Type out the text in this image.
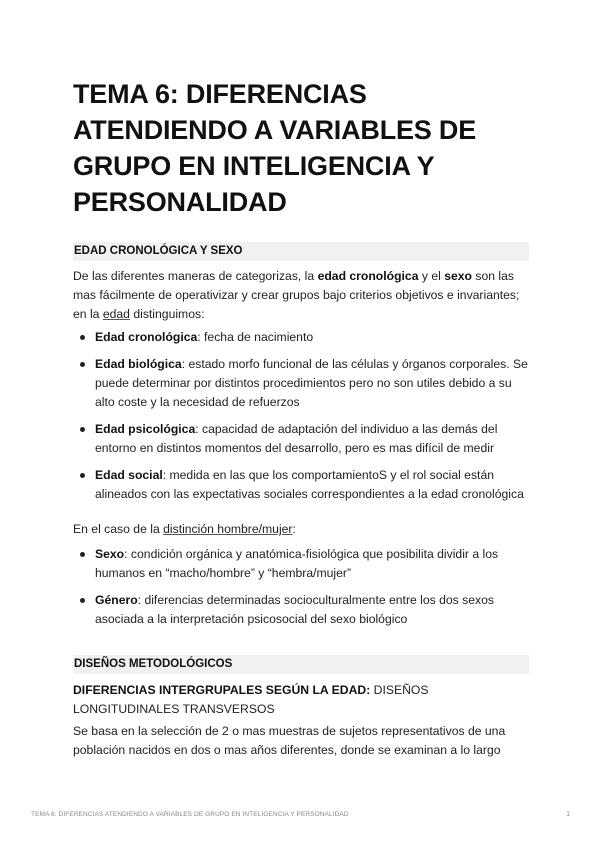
TEMA 6: DIFERENCIAS ATENDIENDO A VARIABLES DE GRUPO EN INTELIGENCIA Y PERSONALIDAD
EDAD CRONOLÓGICA Y SEXO
De las diferentes maneras de categorizas, la edad cronológica y el sexo son las mas fácilmente de operativizar y crear grupos bajo criterios objetivos e invariantes; en la edad distinguimos:
Edad cronológica: fecha de nacimiento
Edad biológica: estado morfo funcional de las células y órganos corporales. Se puede determinar por distintos procedimientos pero no son utiles debido a su alto coste y la necesidad de refuerzos
Edad psicológica: capacidad de adaptación del individuo a las demás del entorno en distintos momentos del desarrollo, pero es mas difícil de medir
Edad social: medida en las que los comportamientoS y el rol social están alineados con las expectativas sociales correspondientes a la edad cronológica
En el caso de la distinción hombre/mujer:
Sexo: condición orgánica y anatómica-fisiológica que posibilita dividir a los humanos en “macho/hombre” y “hembra/mujer”
Género: diferencias determinadas socioculturalmente entre los dos sexos asociada a la interpretación psicosocial del sexo biológico
DISEÑOS METODOLÓGICOS
DIFERENCIAS INTERGRUPALES SEGÚN LA EDAD: DISEÑOS LONGITUDINALES TRANSVERSOS
Se basa en la selección de 2 o mas muestras de sujetos representativos de una población nacidos en dos o mas años diferentes, donde se examinan a lo largo
TEMA 6: DIFERENCIAS ATENDIENDO A VARIABLES DE GRUPO EN INTELIGENCIA Y PERSONALIDAD	1
